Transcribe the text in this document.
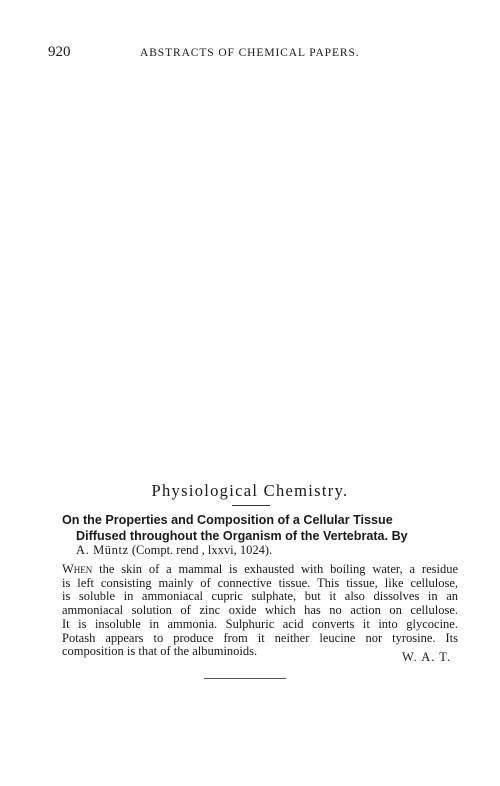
920	ABSTRACTS OF CHEMICAL PAPERS.
Physiological Chemistry.
On the Properties and Composition of a Cellular Tissue
Diffused throughout the Organism of the Vertebrata. By
A. Müntz (Compt. rend , lxxvi, 1024).
When the skin of a mammal is exhausted with boiling water, a residue
is left consisting mainly of connective tissue. This tissue, like cellulose,
is soluble in ammoniacal cupric sulphate, but it also dissolves in an
ammoniacal solution of zinc oxide which has no action on cellulose.
It is insoluble in ammonia. Sulphuric acid converts it into glycocine.
Potash appears to produce from it neither leucine nor tyrosine. Its
composition is that of the albuminoids.	W. A. T.
